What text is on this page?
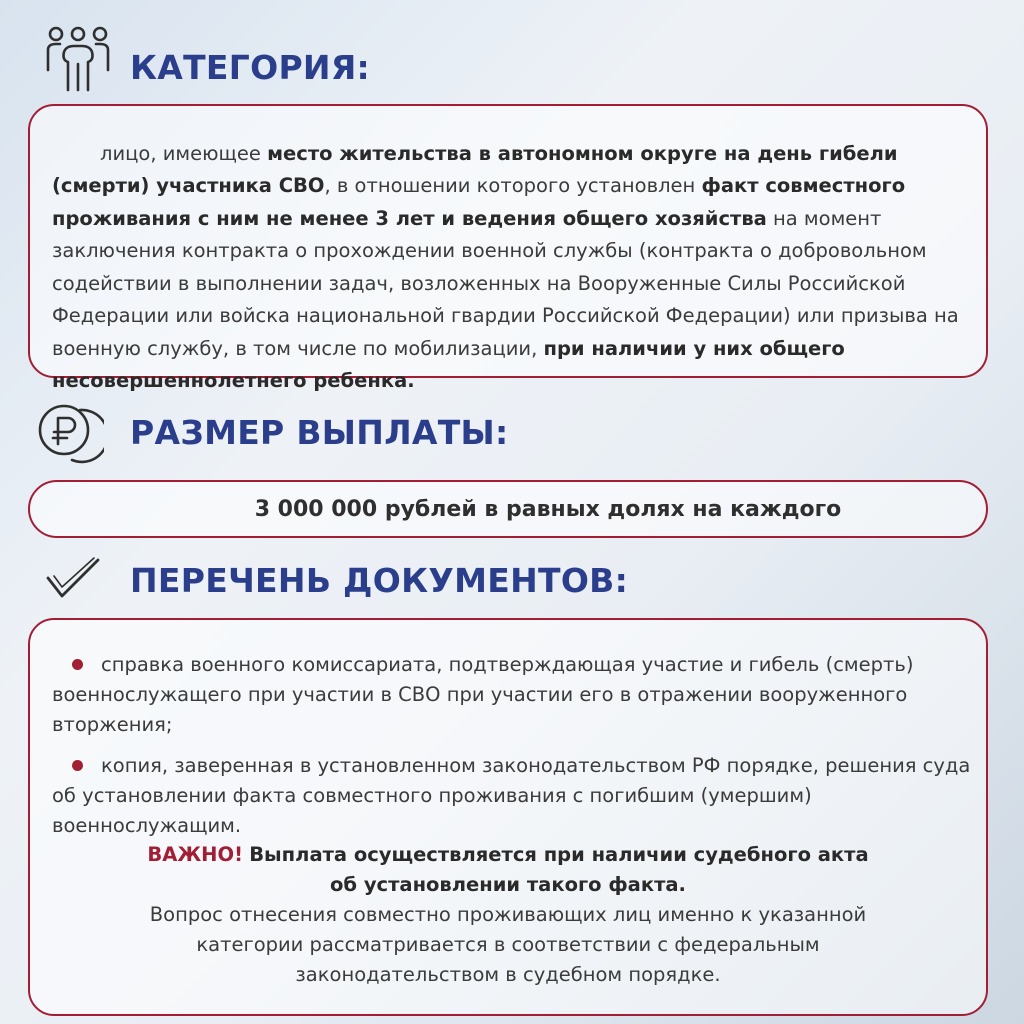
КАТЕГОРИЯ:

лицо, имеющее место жительства в автономном округе на день гибели (смерти) участника СВО, в отношении которого установлен факт совместного проживания с ним не менее 3 лет и ведения общего хозяйства на момент заключения контракта о прохождении военной службы (контракта о добровольном содействии в выполнении задач, возложенных на Вооруженные Силы Российской Федерации или войска национальной гвардии Российской Федерации) или призыва на военную службу, в том числе по мобилизации, при наличии у них общего несовершеннолетнего ребенка.

РАЗМЕР ВЫПЛАТЫ:
3 000 000 рублей в равных долях на каждого
ПЕРЕЧЕНЬ ДОКУМЕНТОВ:

справка военного комиссариата, подтверждающая участие и гибель (смерть) военнослужащего при участии в СВО при участии его в отражении вооруженного вторжения;

копия, заверенная в установленном законодательством РФ порядке, решения суда об установлении факта совместного проживания с погибшим (умершим) военнослужащим.

ВАЖНО! Выплата осуществляется при наличии судебного акта
об установлении такого факта.
Вопрос отнесения совместно проживающих лиц именно к указанной
категории рассматривается в соответствии с федеральным
законодательством в судебном порядке.
